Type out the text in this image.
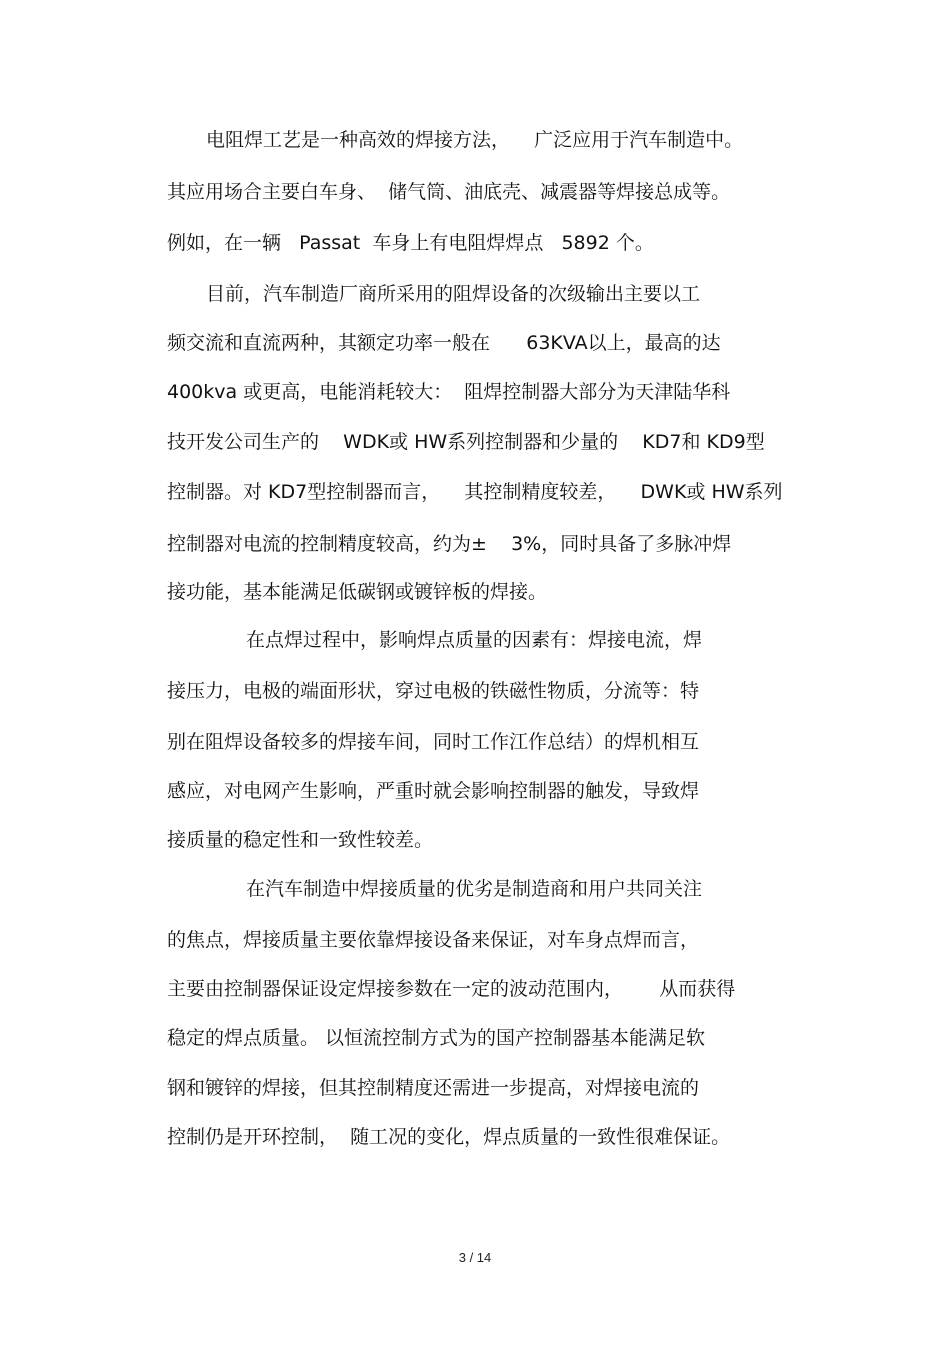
电阻焊工艺是一种高效的焊接方法，    广泛应用于汽车制造中。
其应用场合主要白车身、  储气筒、油底壳、减震器等焊接总成等。
例如，在一辆   Passat  车身上有电阻焊焊点   5892 个。
目前，汽车制造厂商所采用的阻焊设备的次级输出主要以工
频交流和直流两种，其额定功率一般在      63KVA以上，最高的达
400kva 或更高，电能消耗较大：  阻焊控制器大部分为天津陆华科
技开发公司生产的    WDK或 HW系列控制器和少量的    KD7和 KD9型
控制器。对 KD7型控制器而言，    其控制精度较差，    DWK或 HW系列
控制器对电流的控制精度较高，约为±    3%，同时具备了多脉冲焊
接功能，基本能满足低碳钢或镀锌板的焊接。
在点焊过程中，影响焊点质量的因素有：焊接电流，焊
接压力，电极的端面形状，穿过电极的铁磁性物质，分流等：特
别在阻焊设备较多的焊接车间，同时工作江作总结）的焊机相互
感应，对电网产生影响，严重时就会影响控制器的触发，导致焊
接质量的稳定性和一致性较差。
在汽车制造中焊接质量的优劣是制造商和用户共同关注
的焦点，焊接质量主要依靠焊接设备来保证，对车身点焊而言，
主要由控制器保证设定焊接参数在一定的波动范围内，      从而获得
稳定的焊点质量。 以恒流控制方式为的国产控制器基本能满足软
钢和镀锌的焊接，但其控制精度还需进一步提高，对焊接电流的
控制仍是开环控制，  随工况的变化，焊点质量的一致性很难保证。
3 / 14
